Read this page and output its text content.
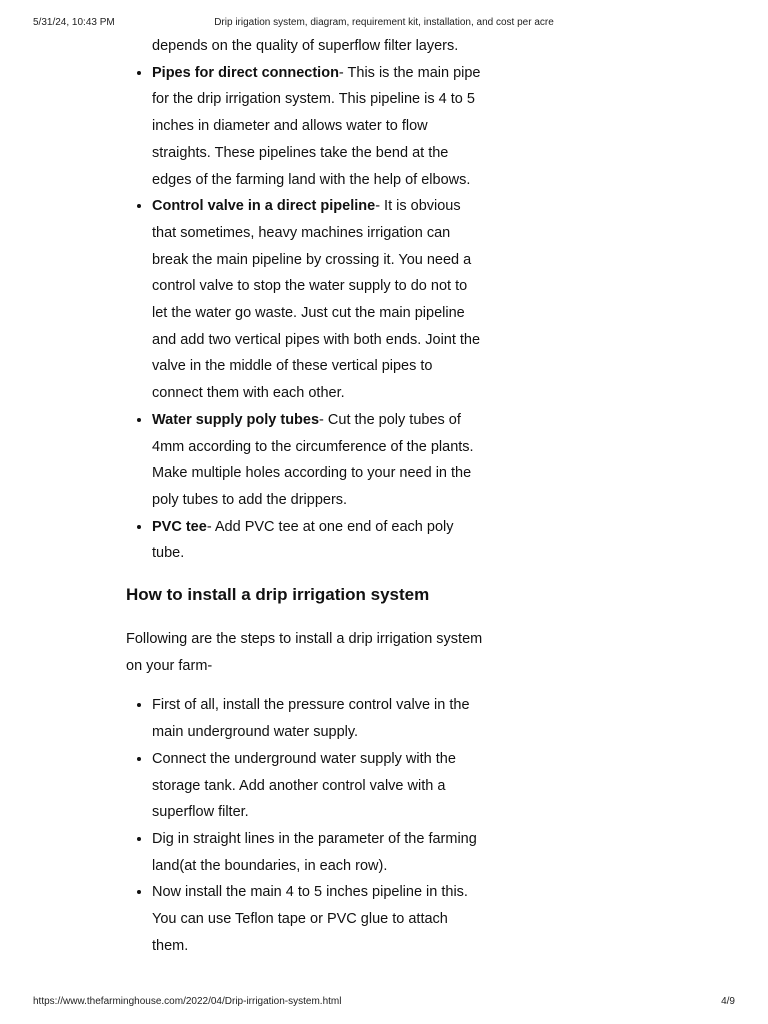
5/31/24, 10:43 PM	Drip irigation system, diagram, requirement kit, installation, and cost per acre

depends on the quality of superflow filter layers.

• Pipes for direct connection- This is the main pipe for the drip irrigation system. This pipeline is 4 to 5 inches in diameter and allows water to flow straights. These pipelines take the bend at the edges of the farming land with the help of elbows.
• Control valve in a direct pipeline- It is obvious that sometimes, heavy machines irrigation can break the main pipeline by crossing it. You need a control valve to stop the water supply to do not to let the water go waste. Just cut the main pipeline and add two vertical pipes with both ends. Joint the valve in the middle of these vertical pipes to connect them with each other.
• Water supply poly tubes- Cut the poly tubes of 4mm according to the circumference of the plants. Make multiple holes according to your need in the poly tubes to add the drippers.
• PVC tee- Add PVC tee at one end of each poly tube.
How to install a drip irrigation system

Following are the steps to install a drip irrigation system on your farm-

• First of all, install the pressure control valve in the main underground water supply.
• Connect the underground water supply with the storage tank. Add another control valve with a superflow filter.
• Dig in straight lines in the parameter of the farming land(at the boundaries, in each row).
• Now install the main 4 to 5 inches pipeline in this. You can use Teflon tape or PVC glue to attach them.
https://www.thefarminghouse.com/2022/04/Drip-irrigation-system.html	4/9
